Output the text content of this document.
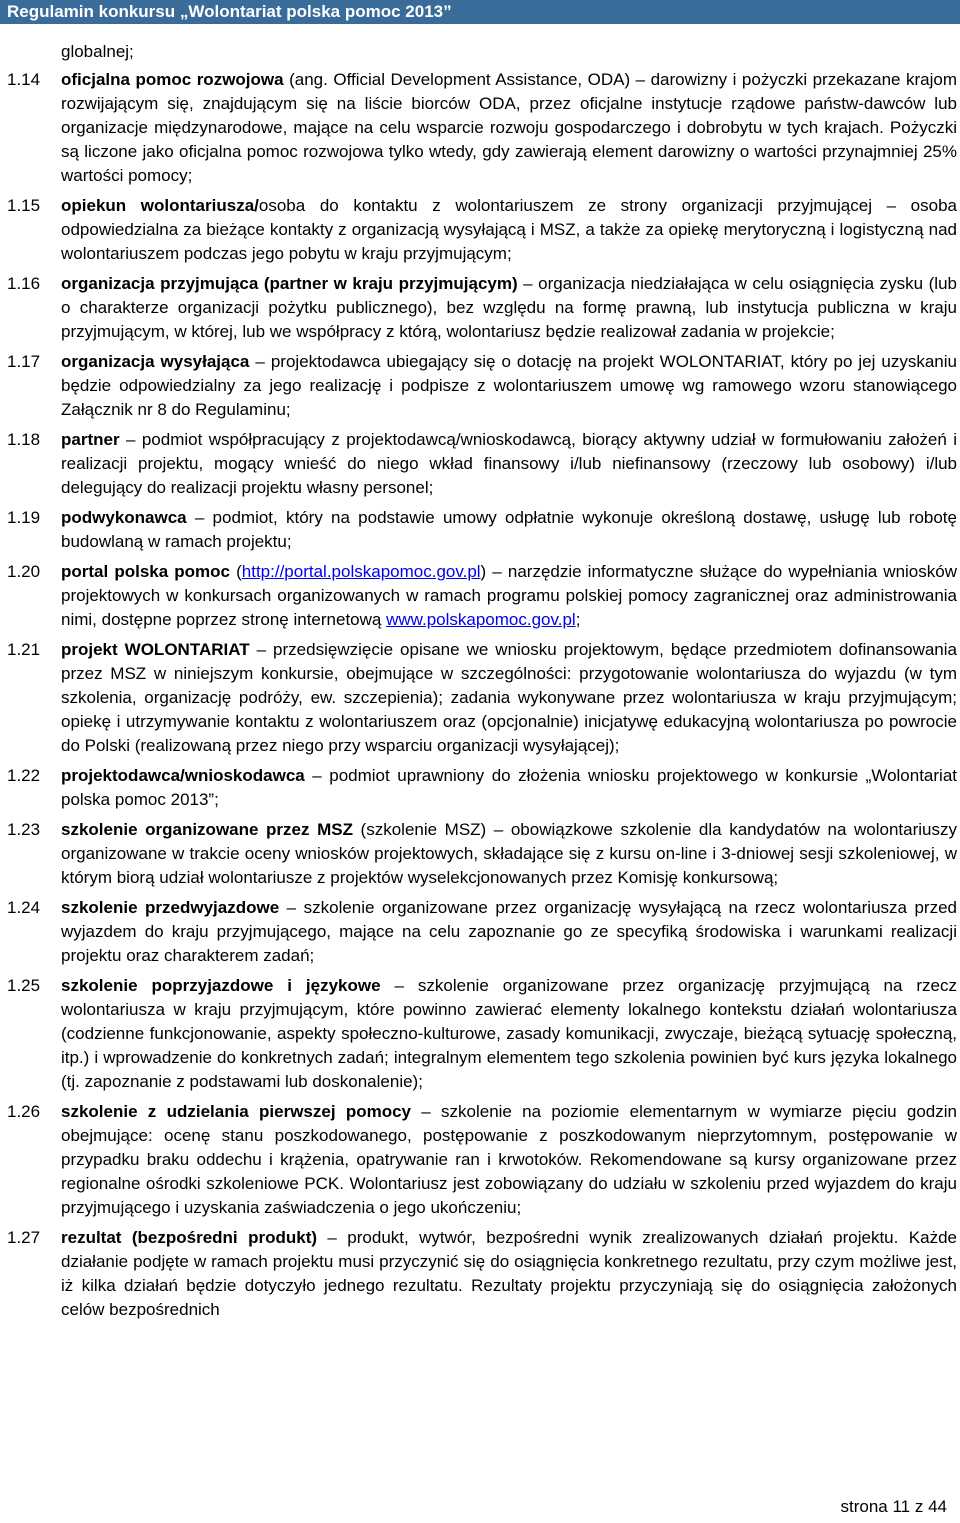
Regulamin konkursu „Wolontariat polska pomoc 2013”
globalnej;
1.14 oficjalna pomoc rozwojowa (ang. Official Development Assistance, ODA) – darowizny i pożyczki przekazane krajom rozwijającym się, znajdującym się na liście biorców ODA, przez oficjalne instytucje rządowe państw-dawców lub organizacje międzynarodowe, mające na celu wsparcie rozwoju gospodarczego i dobrobytu w tych krajach. Pożyczki są liczone jako oficjalna pomoc rozwojowa tylko wtedy, gdy zawierają element darowizny o wartości przynajmniej 25% wartości pomocy;
1.15 opiekun wolontariusza/osoba do kontaktu z wolontariuszem ze strony organizacji przyjmującej – osoba odpowiedzialna za bieżące kontakty z organizacją wysyłającą i MSZ, a także za opiekę merytoryczną i logistyczną nad wolontariuszem podczas jego pobytu w kraju przyjmującym;
1.16 organizacja przyjmująca (partner w kraju przyjmującym) – organizacja niedziałająca w celu osiągnięcia zysku (lub o charakterze organizacji pożytku publicznego), bez względu na formę prawną, lub instytucja publiczna w kraju przyjmującym, w której, lub we współpracy z którą, wolontariusz będzie realizował zadania w projekcie;
1.17 organizacja wysyłająca – projektodawca ubiegający się o dotację na projekt WOLONTARIAT, który po jej uzyskaniu będzie odpowiedzialny za jego realizację i podpisze z wolontariuszem umowę wg ramowego wzoru stanowiącego Załącznik nr 8 do Regulaminu;
1.18 partner – podmiot współpracujący z projektodawcą/wnioskodawcą, biorący aktywny udział w formułowaniu założeń i realizacji projektu, mogący wnieść do niego wkład finansowy i/lub niefinansowy (rzeczowy lub osobowy) i/lub delegujący do realizacji projektu własny personel;
1.19 podwykonawca – podmiot, który na podstawie umowy odpłatnie wykonuje określoną dostawę, usługę lub robotę budowlaną w ramach projektu;
1.20 portal polska pomoc (http://portal.polskapomoc.gov.pl) – narzędzie informatyczne służące do wypełniania wniosków projektowych w konkursach organizowanych w ramach programu polskiej pomocy zagranicznej oraz administrowania nimi, dostępne poprzez stronę internetową www.polskapomoc.gov.pl;
1.21 projekt WOLONTARIAT – przedsięwzięcie opisane we wniosku projektowym, będące przedmiotem dofinansowania przez MSZ w niniejszym konkursie, obejmujące w szczególności: przygotowanie wolontariusza do wyjazdu (w tym szkolenia, organizację podróży, ew. szczepienia); zadania wykonywane przez wolontariusza w kraju przyjmującym; opiekę i utrzymywanie kontaktu z wolontariuszem oraz (opcjonalnie) inicjatywę edukacyjną wolontariusza po powrocie do Polski (realizowaną przez niego przy wsparciu organizacji wysyłającej);
1.22 projektodawca/wnioskodawca – podmiot uprawniony do złożenia wniosku projektowego w konkursie „Wolontariat polska pomoc 2013”;
1.23 szkolenie organizowane przez MSZ (szkolenie MSZ) – obowiązkowe szkolenie dla kandydatów na wolontariuszy organizowane w trakcie oceny wniosków projektowych, składające się z kursu on-line i 3-dniowej sesji szkoleniowej, w którym biorą udział wolontariusze z projektów wyselekcjonowanych przez Komisję konkursową;
1.24 szkolenie przedwyjazdowe – szkolenie organizowane przez organizację wysyłającą na rzecz wolontariusza przed wyjazdem do kraju przyjmującego, mające na celu zapoznanie go ze specyfiką środowiska i warunkami realizacji projektu oraz charakterem zadań;
1.25 szkolenie poprzyjazdowe i językowe – szkolenie organizowane przez organizację przyjmującą na rzecz wolontariusza w kraju przyjmującym, które powinno zawierać elementy lokalnego kontekstu działań wolontariusza (codzienne funkcjonowanie, aspekty społeczno-kulturowe, zasady komunikacji, zwyczaje, bieżącą sytuację społeczną, itp.) i wprowadzenie do konkretnych zadań; integralnym elementem tego szkolenia powinien być kurs języka lokalnego (tj. zapoznanie z podstawami lub doskonalenie);
1.26 szkolenie z udzielania pierwszej pomocy – szkolenie na poziomie elementarnym w wymiarze pięciu godzin obejmujące: ocenę stanu poszkodowanego, postępowanie z poszkodowanym nieprzytomnym, postępowanie w przypadku braku oddechu i krążenia, opatrywanie ran i krwotoków. Rekomendowane są kursy organizowane przez regionalne ośrodki szkoleniowe PCK. Wolontariusz jest zobowiązany do udziału w szkoleniu przed wyjazdem do kraju przyjmującego i uzyskania zaświadczenia o jego ukończeniu;
1.27 rezultat (bezpośredni produkt) – produkt, wytwór, bezpośredni wynik zrealizowanych działań projektu. Każde działanie podjęte w ramach projektu musi przyczynić się do osiągnięcia konkretnego rezultatu, przy czym możliwe jest, iż kilka działań będzie dotyczyło jednego rezultatu. Rezultaty projektu przyczyniają się do osiągnięcia założonych celów bezpośrednich
strona 11 z 44
